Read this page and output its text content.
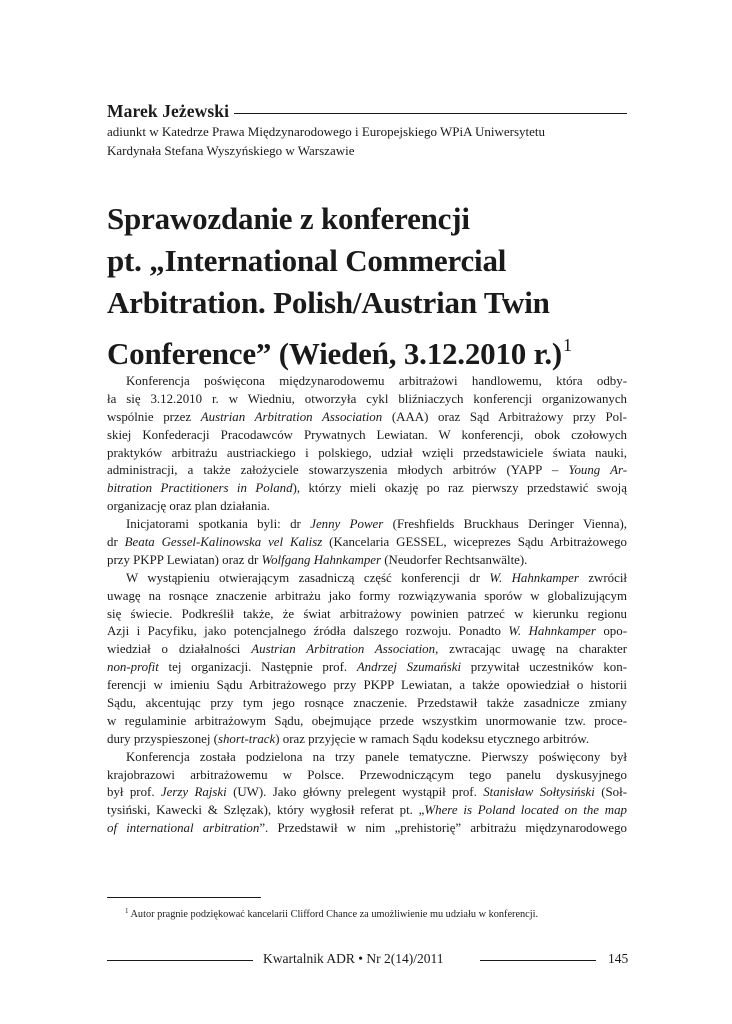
Marek Jeżewski
adiunkt w Katedrze Prawa Międzynarodowego i Europejskiego WPiA Uniwersytetu
Kardynała Stefana Wyszyńskiego w Warszawie
Sprawozdanie z konferencji
pt. „International Commercial
Arbitration. Polish/Austrian Twin
Conference” (Wiedeń, 3.12.2010 r.)$^1$
Konferencja poświęcona międzynarodowemu arbitrażowi handlowemu, która odby-
ła się 3.12.2010 r. w Wiedniu, otworzyła cykl bliźniaczych konferencji organizowanych
wspólnie przez Austrian Arbitration Association (AAA) oraz Sąd Arbitrażowy przy Pol-
skiej Konfederacji Pracodawców Prywatnych Lewiatan. W konferencji, obok czołowych
praktyków arbitrażu austriackiego i polskiego, udział wzięli przedstawiciele świata nauki,
administracji, a także założyciele stowarzyszenia młodych arbitrów (YAPP – Young Ar-
bitration Practitioners in Poland), którzy mieli okazję po raz pierwszy przedstawić swoją
organizację oraz plan działania.
Inicjatorami spotkania byli: dr Jenny Power (Freshfields Bruckhaus Deringer Vienna),
dr Beata Gessel-Kalinowska vel Kalisz (Kancelaria GESSEL, wiceprezes Sądu Arbitrażowego
przy PKPP Lewiatan) oraz dr Wolfgang Hahnkamper (Neudorfer Rechtsanwälte).
W wystąpieniu otwierającym zasadniczą część konferencji dr W. Hahnkamper zwrócił
uwagę na rosnące znaczenie arbitrażu jako formy rozwiązywania sporów w globalizującym
się świecie. Podkreślił także, że świat arbitrażowy powinien patrzeć w kierunku regionu
Azji i Pacyfiku, jako potencjalnego źródła dalszego rozwoju. Ponadto W. Hahnkamper opo-
wiedział o działalności Austrian Arbitration Association, zwracając uwagę na charakter
non-profit tej organizacji. Następnie prof. Andrzej Szumański przywitał uczestników kon-
ferencji w imieniu Sądu Arbitrażowego przy PKPP Lewiatan, a także opowiedział o historii
Sądu, akcentując przy tym jego rosnące znaczenie. Przedstawił także zasadnicze zmiany
w regulaminie arbitrażowym Sądu, obejmujące przede wszystkim unormowanie tzw. proce-
dury przyspieszonej (short-track) oraz przyjęcie w ramach Sądu kodeksu etycznego arbitrów.
Konferencja została podzielona na trzy panele tematyczne. Pierwszy poświęcony był
krajobrazowi arbitrażowemu w Polsce. Przewodniczącym tego panelu dyskusyjnego
był prof. Jerzy Rajski (UW). Jako główny prelegent wystąpił prof. Stanisław Sołtysiński (Soł-
tysiński, Kawecki & Szlęzak), który wygłosił referat pt. „Where is Poland located on the map
of international arbitration”. Przedstawił w nim „prehistorię” arbitrażu międzynarodowego
$^1$ Autor pragnie podziękować kancelarii Clifford Chance za umożliwienie mu udziału w konferencji.
Kwartalnik ADR • Nr 2(14)/2011	145
